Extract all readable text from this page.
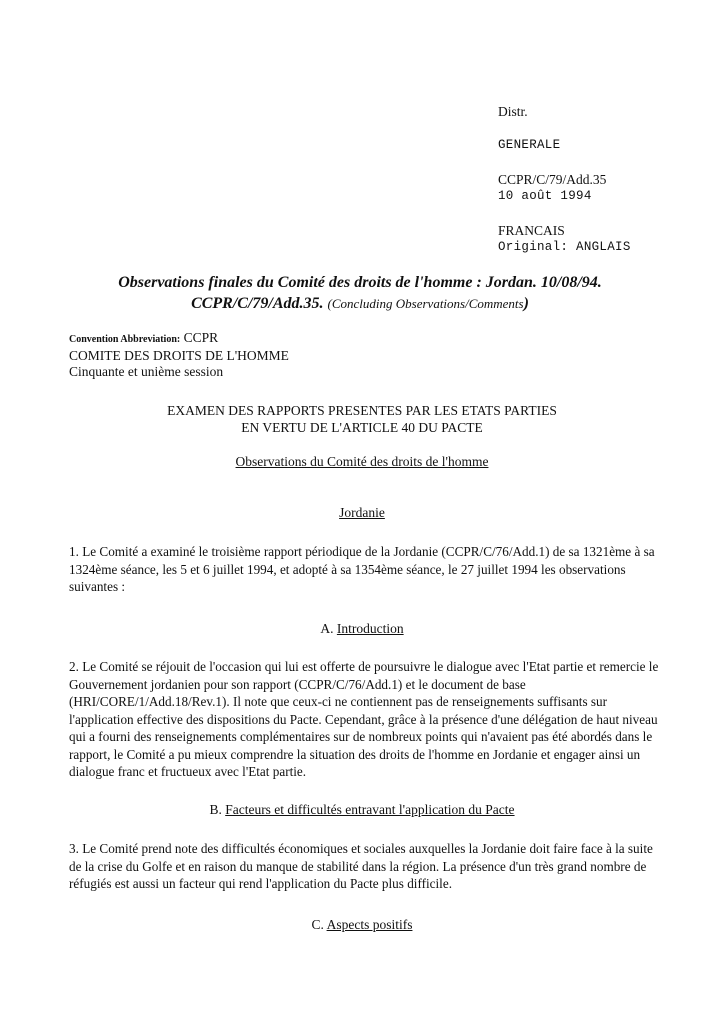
Distr.
GENERALE
CCPR/C/79/Add.35
10 août 1994
FRANCAIS
Original: ANGLAIS
Observations finales du Comité des droits de l'homme : Jordan. 10/08/94.
CCPR/C/79/Add.35. (Concluding Observations/Comments)
Convention Abbreviation: CCPR
COMITE DES DROITS DE L'HOMME
Cinquante et unième session
EXAMEN DES RAPPORTS PRESENTES PAR LES ETATS PARTIES
EN VERTU DE L'ARTICLE 40 DU PACTE
Observations du Comité des droits de l'homme
Jordanie
1. Le Comité a examiné le troisième rapport périodique de la Jordanie (CCPR/C/76/Add.1) de sa 1321ème à sa 1324ème séance, les 5 et 6 juillet 1994, et adopté à sa 1354ème séance, le 27 juillet 1994 les observations suivantes :
A. Introduction
2. Le Comité se réjouit de l'occasion qui lui est offerte de poursuivre le dialogue avec l'Etat partie et remercie le Gouvernement jordanien pour son rapport (CCPR/C/76/Add.1) et le document de base (HRI/CORE/1/Add.18/Rev.1). Il note que ceux-ci ne contiennent pas de renseignements suffisants sur l'application effective des dispositions du Pacte. Cependant, grâce à la présence d'une délégation de haut niveau qui a fourni des renseignements complémentaires sur de nombreux points qui n'avaient pas été abordés dans le rapport, le Comité a pu mieux comprendre la situation des droits de l'homme en Jordanie et engager ainsi un dialogue franc et fructueux avec l'Etat partie.
B. Facteurs et difficultés entravant l'application du Pacte
3. Le Comité prend note des difficultés économiques et sociales auxquelles la Jordanie doit faire face à la suite de la crise du Golfe et en raison du manque de stabilité dans la région. La présence d'un très grand nombre de réfugiés est aussi un facteur qui rend l'application du Pacte plus difficile.
C. Aspects positifs
